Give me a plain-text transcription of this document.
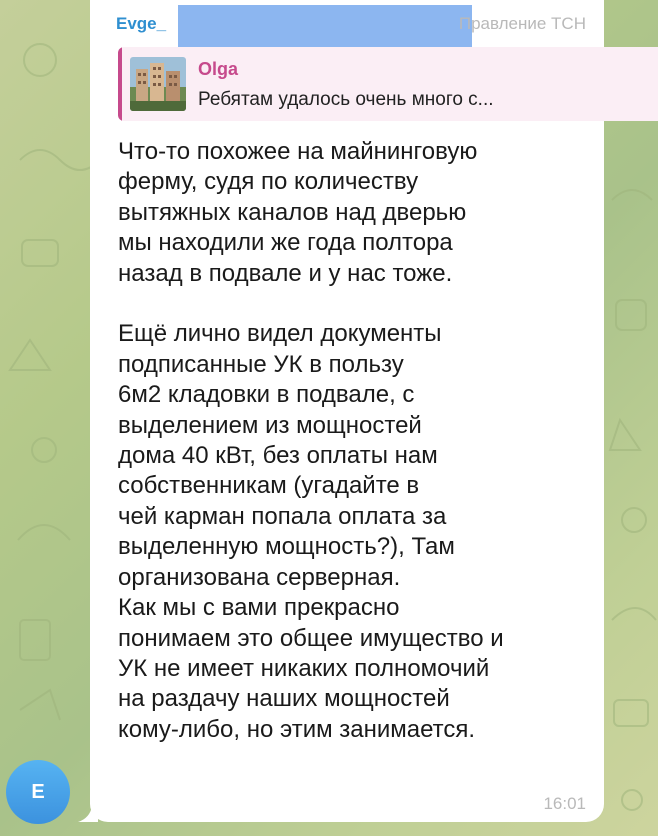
Evge_	Правление ТСН
Olga
Ребятам удалось очень много с...

Что-то похожее на майнинговую
ферму, судя по количеству
вытяжных каналов над дверью
мы находили же года полтора
назад в подвале и у нас тоже.

Ещё лично видел документы
подписанные УК в пользу
6м2 кладовки в подвале, с
выделением из мощностей
дома 40 кВт, без оплаты нам
собственникам (угадайте в
чей карман попала оплата за
выделенную мощность?), Там
организована серверная.
Как мы с вами прекрасно
понимаем это общее имущество и
УК не имеет никаких полномочий
на раздачу наших мощностей
кому-либо, но этим занимается.

16:01
E
